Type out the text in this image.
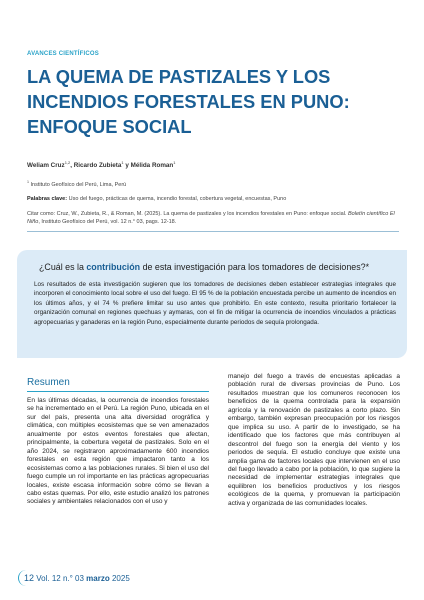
AVANCES CIENTÍFICOS
LA QUEMA DE PASTIZALES Y LOS
INCENDIOS FORESTALES EN PUNO:
ENFOQUE SOCIAL
Weliam Cruz$^{1,2}$, Ricardo Zubieta$^1$ y Mélida Roman$^1$
$^1$ Instituto Geofísico del Perú, Lima, Perú
Palabras clave: Uso del fuego, prácticas de quema, incendio forestal, cobertura vegetal, encuestas, Puno
Citar como: Cruz, W., Zubieta, R., & Roman, M. (2025). La quema de pastizales y los incendios forestales en Puno: enfoque social. Boletín científico El Niño, Instituto Geofísico del Perú, vol. 12 n.° 03, pags. 12-18.
¿Cuál es la contribución de esta investigación para los tomadores de decisiones?*
Los resultados de esta investigación sugieren que los tomadores de decisiones deben establecer estrategias integrales que incorporen el conocimiento local sobre el uso del fuego. El 95 % de la población encuestada percibe un aumento de incendios en los últimos años, y el 74 % prefiere limitar su uso antes que prohibirlo. En este contexto, resulta prioritario fortalecer la organización comunal en regiones quechuas y aymaras, con el fin de mitigar la ocurrencia de incendios vinculados a prácticas agropecuarias y ganaderas en la región Puno, especialmente durante periodos de sequía prolongada.
Resumen
En las últimas décadas, la ocurrencia de incendios forestales se ha incrementado en el Perú. La región Puno, ubicada en el sur del país, presenta una alta diversidad orográfica y climática, con múltiples ecosistemas que se ven amenazados anualmente por estos eventos forestales que afectan, principalmente, la cobertura vegetal de pastizales. Solo en el año 2024, se registraron aproximadamente 600 incendios forestales en esta región que impactaron tanto a los ecosistemas como a las poblaciones rurales. Si bien el uso del fuego cumple un rol importante en las prácticas agropecuarias locales, existe escasa información sobre cómo se llevan a cabo estas quemas. Por ello, este estudio analizó los patrones sociales y ambientales relacionados con el uso y
manejo del fuego a través de encuestas aplicadas a población rural de diversas provincias de Puno. Los resultados muestran que los comuneros reconocen los beneficios de la quema controlada para la expansión agrícola y la renovación de pastizales a corto plazo. Sin embargo, también expresan preocupación por los riesgos que implica su uso. A partir de lo investigado, se ha identificado que los factores que más contribuyen al descontrol del fuego son la energía del viento y los periodos de sequía. El estudio concluye que existe una amplia gama de factores locales que intervienen en el uso del fuego llevado a cabo por la población, lo que sugiere la necesidad de implementar estrategias integrales que equilibren los beneficios productivos y los riesgos ecológicos de la quema, y promuevan la participación activa y organizada de las comunidades locales.
12 Vol. 12 n.° 03 marzo 2025
